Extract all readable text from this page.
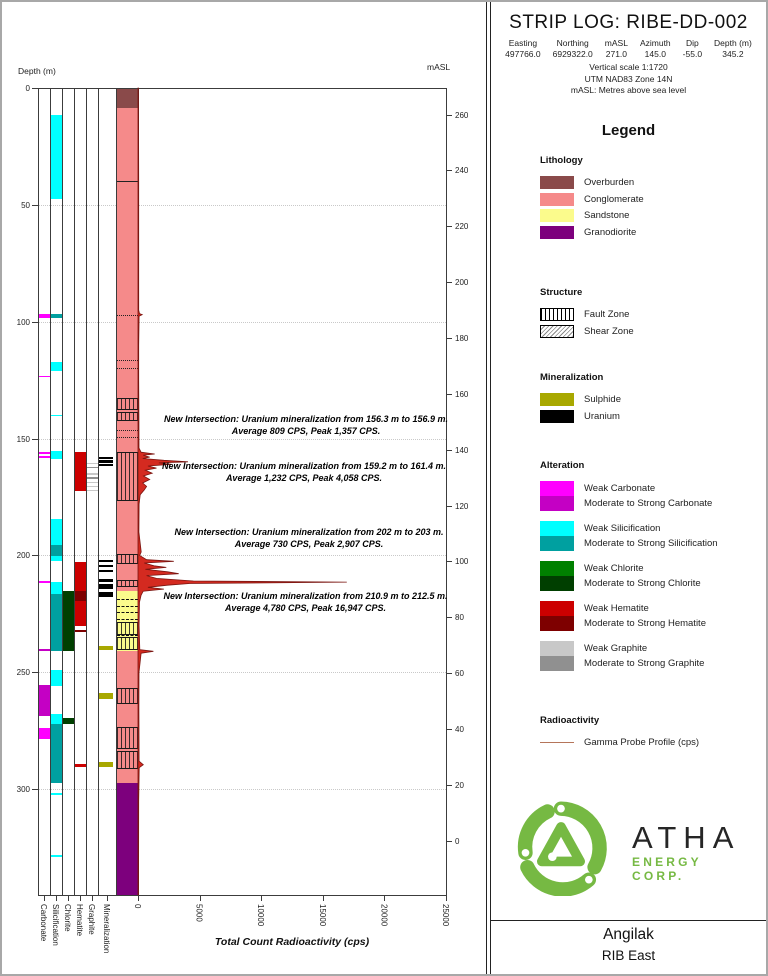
Depth (m)	mASL
Total Count Radioactivity (cps)
0
50
100
150
200
250
300
260
240
220
200
180
160
140
120
100
80
60
40
20
0
0	5000	10000	15000	20000	25000
Carbonate Silicification Chlorite Hematite Graphite Mineralization
New Intersection: Uranium mineralization from 156.3 m to 156.9 m. Average 809 CPS, Peak 1,357 CPS.
New Intersection: Uranium mineralization from 159.2 m to 161.4 m. Average 1,232 CPS, Peak 4,058 CPS.
New Intersection: Uranium mineralization from 202 m to 203 m. Average 730 CPS, Peak 2,907 CPS.
New Intersection: Uranium mineralization from 210.9 m to 212.5 m. Average 4,780 CPS, Peak 16,947 CPS.
STRIP LOG: RIBE-DD-002
Easting
497766.0
Northing
6929322.0
mASL
271.0
Azimuth
145.0
Dip
-55.0
Depth (m)
345.2
Vertical scale 1:1720
UTM NAD83 Zone 14N
mASL: Metres above sea level
Legend
Lithology
Overburden
Conglomerate
Sandstone
Granodiorite
Structure
Fault Zone
Shear Zone
Mineralization
Sulphide
Uranium
Alteration
Weak Carbonate
Moderate to Strong Carbonate
Weak Silicification
Moderate to Strong Silicification
Weak Chlorite
Moderate to Strong Chlorite
Weak Hematite
Moderate to Strong Hematite
Weak Graphite
Moderate to Strong Graphite
Radioactivity
Gamma Probe Profile (cps)
ATHA
ENERGY CORP.
Angilak
RIB East
